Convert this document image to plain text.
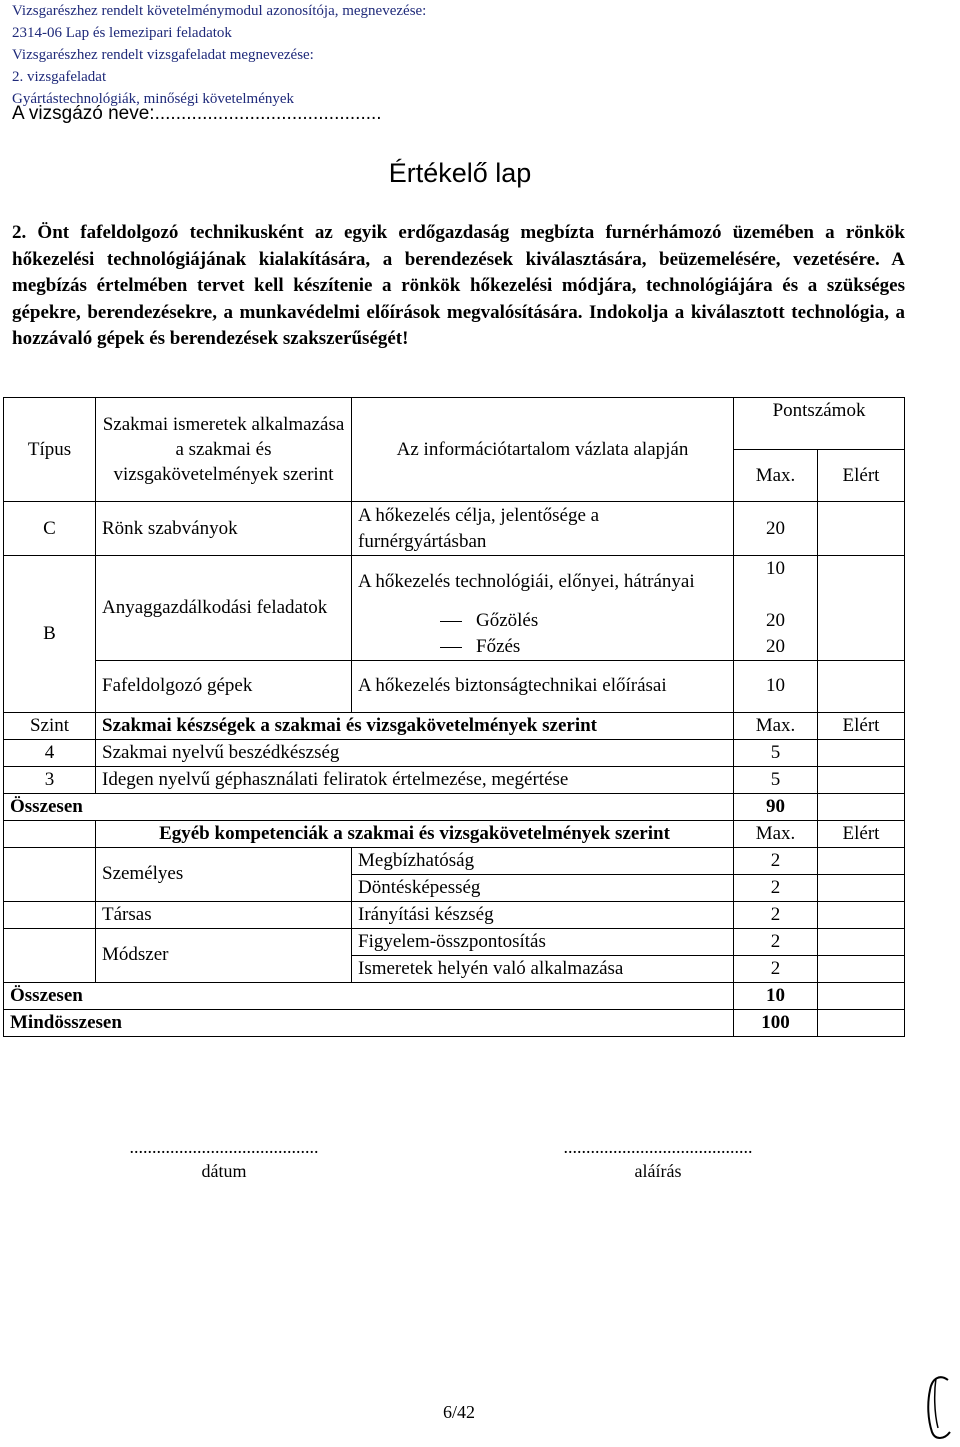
Vizsgarészhez rendelt követelménymodul azonosítója, megnevezése:
2314-06 Lap és lemezipari feladatok
Vizsgarészhez rendelt vizsgafeladat megnevezése:
2. vizsgafeladat
Gyártástechnológiák, minőségi követelmények
A vizsgázó neve:...........................................
Értékelő lap
2. Önt fafeldolgozó technikusként az egyik erdőgazdaság megbízta furnérhámozó üzemében a rönkök hőkezelési technológiájának kialakítására, a berendezések kiválasztására, beüzemelésére, vezetésére. A megbízás értelmében tervet kell készítenie a rönkök hőkezelési módjára, technológiájára és a szükséges gépekre, berendezésekre, a munkavédelmi előírások megvalósítására. Indokolja a kiválasztott technológia, a hozzávaló gépek és berendezések szakszerűségét!
Típus	Szakmai ismeretek alkalmazása a szakmai és vizsgakövetelmények szerint	Az információtartalom vázlata alapján	Pontszámok	
			Max.	Elért
C	Rönk szabványok	A hőkezelés célja, jelentősége a furnérgyártásban	20	
B	Anyaggazdálkodási feladatok	A hőkezelés technológiái, előnyei, hátrányai	10	
		Gőzölés	20	
		Főzés	20	
	Fafeldolgozó gépek	A hőkezelés biztonságtechnikai előírásai	10	
Szint	Szakmai készségek a szakmai és vizsgakövetelmények szerint		Max.	Elért
4	Szakmai nyelvű beszédkészség		5	
3	Idegen nyelvű géphasználati feliratok értelmezése, megértése		5	
Összesen			90	
	Egyéb kompetenciák a szakmai és vizsgakövetelmények szerint		Max.	Elért
	Személyes	Megbízhatóság	2	
		Döntésképesség	2	
	Társas	Irányítási készség	2	
	Módszer	Figyelem-összpontosítás	2	
		Ismeretek helyén való alkalmazása	2	
Összesen			10	
Mindösszesen			100	
..........................................
dátum
..........................................
aláírás
6/42
